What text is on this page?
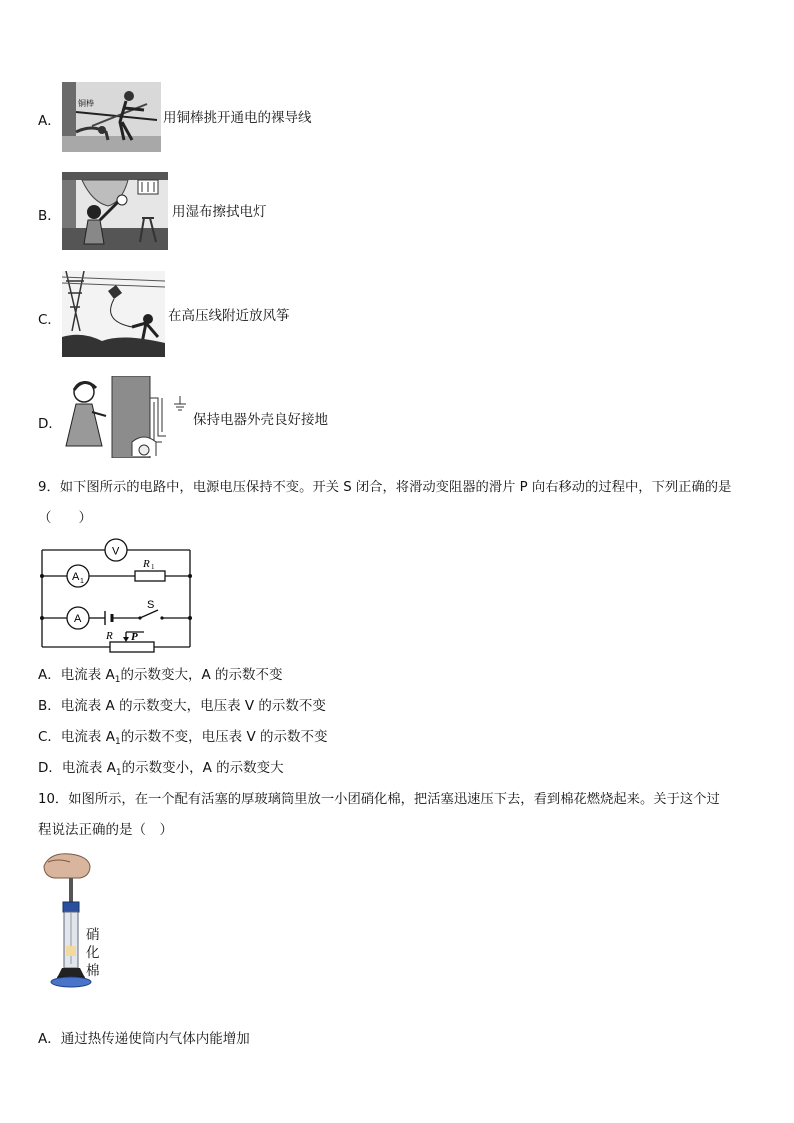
A．
铜棒
用铜棒挑开通电的裸导线
B．	用湿布擦拭电灯
C．	在高压线附近放风筝
D．	保持电器外壳良好接地
9．如下图所示的电路中，电源电压保持不变。开关 S 闭合，将滑动变阻器的滑片 P 向右移动的过程中，下列正确的是
（　　）
V
A 1
A
R 1
S
R P
A．电流表 $A_1$的示数变大，A 的示数不变
B．电流表 A 的示数变大，电压表 V 的示数不变
C．电流表 $A_1$的示数不变，电压表 V 的示数不变
D．电流表 $A_1$的示数变小，A 的示数变大
10．如图所示，在一个配有活塞的厚玻璃筒里放一小团硝化棉，把活塞迅速压下去，看到棉花燃烧起来。关于这个过
程说法正确的是（　）
硝
化
棉
A．通过热传递使筒内气体内能增加
